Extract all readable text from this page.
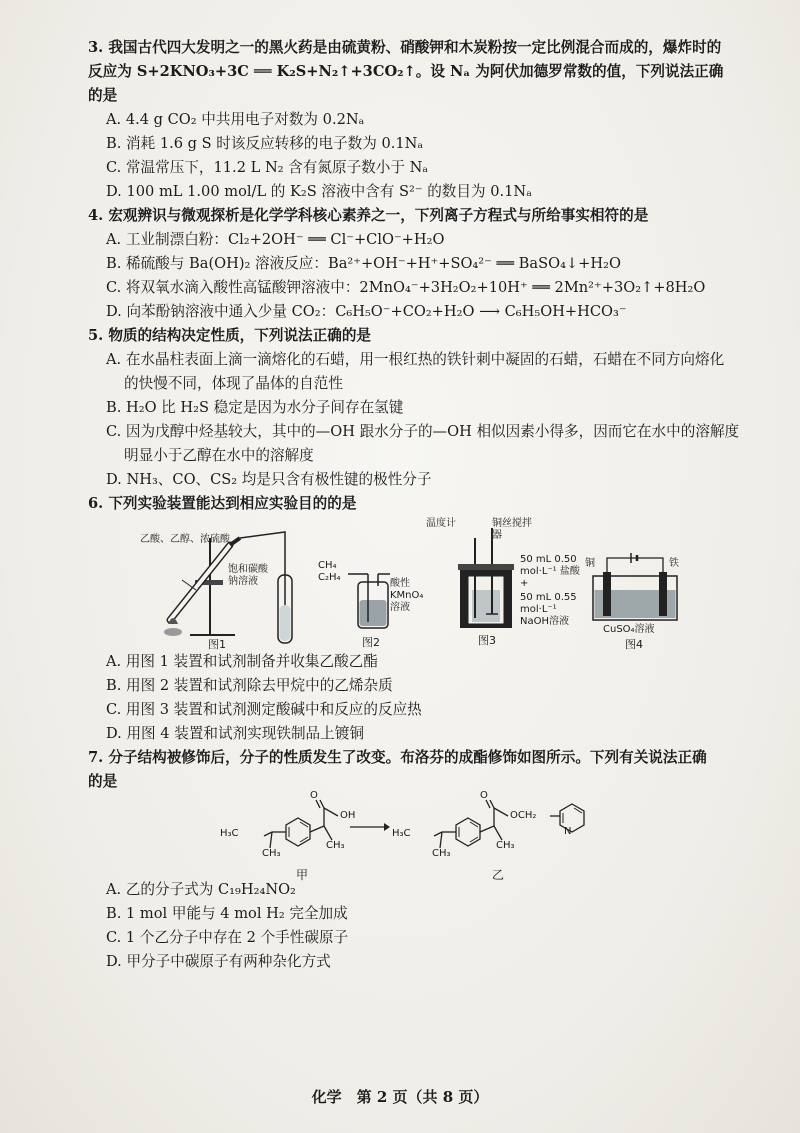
3. 我国古代四大发明之一的黑火药是由硫黄粉、硝酸钾和木炭粉按一定比例混合而成的，爆炸时的
反应为 S+2KNO₃+3C ══ K₂S+N₂↑+3CO₂↑。设 Nₐ 为阿伏加德罗常数的值，下列说法正确
的是
A. 4.4 g CO₂ 中共用电子对数为 0.2Nₐ
B. 消耗 1.6 g S 时该反应转移的电子数为 0.1Nₐ
C. 常温常压下，11.2 L N₂ 含有氮原子数小于 Nₐ
D. 100 mL 1.00 mol/L 的 K₂S 溶液中含有 S²⁻ 的数目为 0.1Nₐ
4. 宏观辨识与微观探析是化学学科核心素养之一，下列离子方程式与所给事实相符的是
A. 工业制漂白粉：Cl₂+2OH⁻ ══ Cl⁻+ClO⁻+H₂O
B. 稀硫酸与 Ba(OH)₂ 溶液反应：Ba²⁺+OH⁻+H⁺+SO₄²⁻ ══ BaSO₄↓+H₂O
C. 将双氧水滴入酸性高锰酸钾溶液中：2MnO₄⁻+3H₂O₂+10H⁺ ══ 2Mn²⁺+3O₂↑+8H₂O
D. 向苯酚钠溶液中通入少量 CO₂：C₆H₅O⁻+CO₂+H₂O ⟶ C₆H₅OH+HCO₃⁻
5. 物质的结构决定性质，下列说法正确的是
A. 在水晶柱表面上滴一滴熔化的石蜡，用一根红热的铁针刺中凝固的石蜡，石蜡在不同方向熔化
的快慢不同，体现了晶体的自范性
B. H₂O 比 H₂S 稳定是因为水分子间存在氢键
C. 因为戊醇中烃基较大，其中的—OH 跟水分子的—OH 相似因素小得多，因而它在水中的溶解度
明显小于乙醇在水中的溶解度
D. NH₃、CO、CS₂ 均是只含有极性键的极性分子
6. 下列实验装置能达到相应实验目的的是
乙酸、乙醇、浓硫酸
饱和碳酸钠溶液
图1
CH₄ C₂H₄
酸性KMnO₄溶液
图2
温度计	铜丝搅拌器
50 mL 0.50 mol·L⁻¹ 盐酸+
50 mL 0.55 mol·L⁻¹ NaOH溶液
图3
铜	铁
CuSO₄溶液
图4
A. 用图 1 装置和试剂制备并收集乙酸乙酯
B. 用图 2 装置和试剂除去甲烷中的乙烯杂质
C. 用图 3 装置和试剂测定酸碱中和反应的反应热
D. 用图 4 装置和试剂实现铁制品上镀铜
7. 分子结构被修饰后，分子的性质发生了改变。布洛芬的成酯修饰如图所示。下列有关说法正确
的是
H₃C
CH₃
CH₃
O
OH
甲
H₃C
CH₃
CH₃
O
OCH₂
N
乙
A. 乙的分子式为 C₁₉H₂₄NO₂
B. 1 mol 甲能与 4 mol H₂ 完全加成
C. 1 个乙分子中存在 2 个手性碳原子
D. 甲分子中碳原子有两种杂化方式
化学　第 2 页（共 8 页）
